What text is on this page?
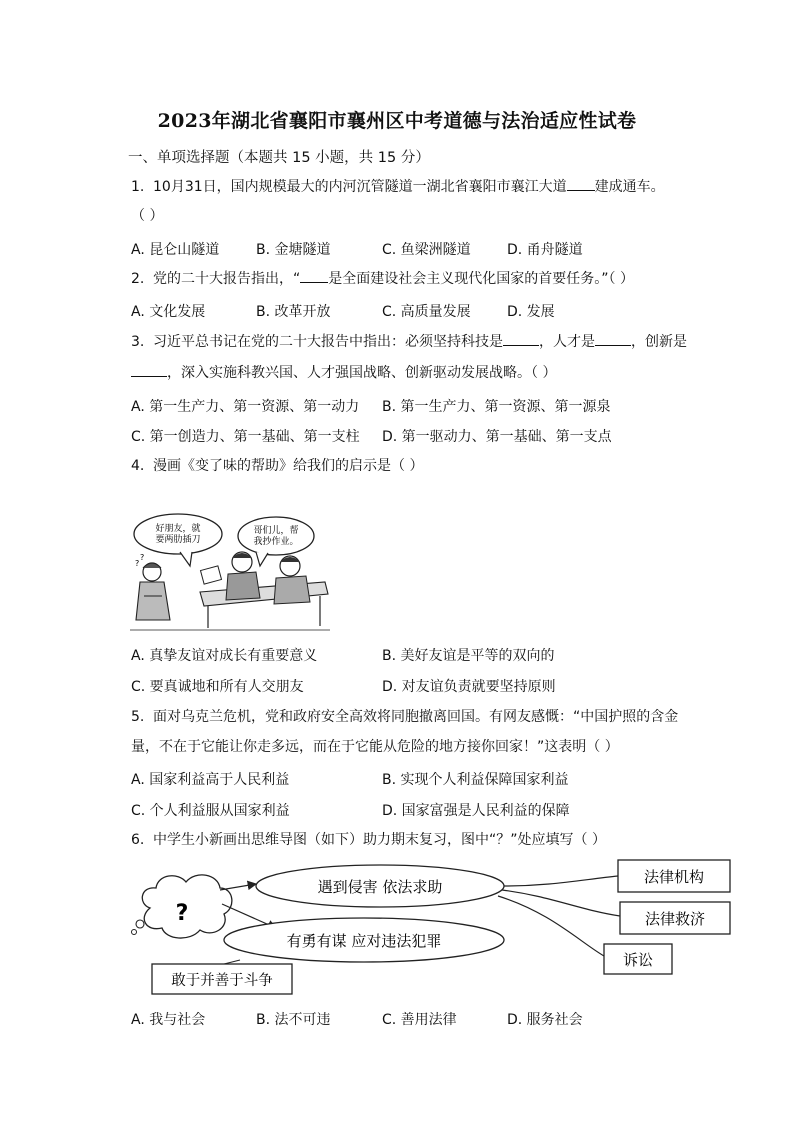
2023年湖北省襄阳市襄州区中考道德与法治适应性试卷
一、单项选择题（本题共 15 小题，共 15 分）
1. 10月31日，国内规模最大的内河沉管隧道一湖北省襄阳市襄江大道 建成通车。
（ ）
A. 昆仑山隧道	B. 金塘隧道	C. 鱼梁洲隧道	D. 甬舟隧道
2. 党的二十大报告指出，“ 是全面建设社会主义现代化国家的首要任务。”（ ）
A. 文化发展	B. 改革开放	C. 高质量发展	D. 发展
3. 习近平总书记在党的二十大报告中指出：必须坚持科技是	，人才是	，创新是
，深入实施科教兴国、人才强国战略、创新驱动发展战略。（ ）
A. 第一生产力、第一资源、第一动力 B. 第一生产力、第一资源、第一源泉
C. 第一创造力、第一基础、第一支柱 D. 第一驱动力、第一基础、第一支点
4. 漫画《变了味的帮助》给我们的启示是（ ）
好朋友，就
要两肋插刀
哥们儿，帮
我抄作业。
?
?
A. 真挚友谊对成长有重要意义	B. 美好友谊是平等的双向的
C. 要真诚地和所有人交朋友	D. 对友谊负责就要坚持原则
5. 面对乌克兰危机，党和政府安全高效将同胞撤离回国。有网友感慨：“中国护照的含金
量，不在于它能让你走多远，而在于它能从危险的地方接你回家！”这表明（ ）
A. 国家利益高于人民利益	B. 实现个人利益保障国家利益
C. 个人利益服从国家利益	D. 国家富强是人民利益的保障
6. 中学生小新画出思维导图（如下）助力期末复习，图中“？”处应填写（ ）
?
遇到侵害 依法求助
有勇有谋 应对违法犯罪
敢于并善于斗争
法律机构
法律救济
诉讼
A. 我与社会	B. 法不可违	C. 善用法律	D. 服务社会
